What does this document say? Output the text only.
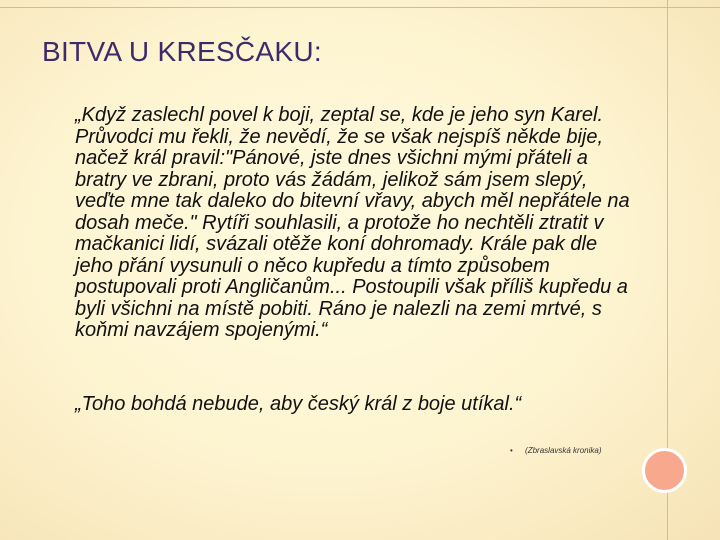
BITVA U KRESČAKU:

„Když zaslechl povel k boji, zeptal se, kde je jeho syn Karel. Průvodci mu řekli, že nevědí, že se však nejspíš někde bije, načež král pravil:"Pánové, jste dnes všichni mými přáteli a bratry ve zbrani, proto vás žádám, jelikož sám jsem slepý, veďte mne tak daleko do bitevní vřavy, abych měl nepřátele na dosah meče." Rytíři souhlasili, a protože ho nechtěli ztratit v mačkanici lidí, svázali otěže koní dohromady. Krále pak dle jeho přání vysunuli o něco kupředu a tímto způsobem postupovali proti Angličanům... Postoupili však příliš kupředu a byli všichni na místě pobiti. Ráno je nalezli na zemi mrtvé, s koňmi navzájem spojenými.“

„Toho bohdá nebude, aby český král z boje utíkal.“

• (Zbraslavská kronika)
